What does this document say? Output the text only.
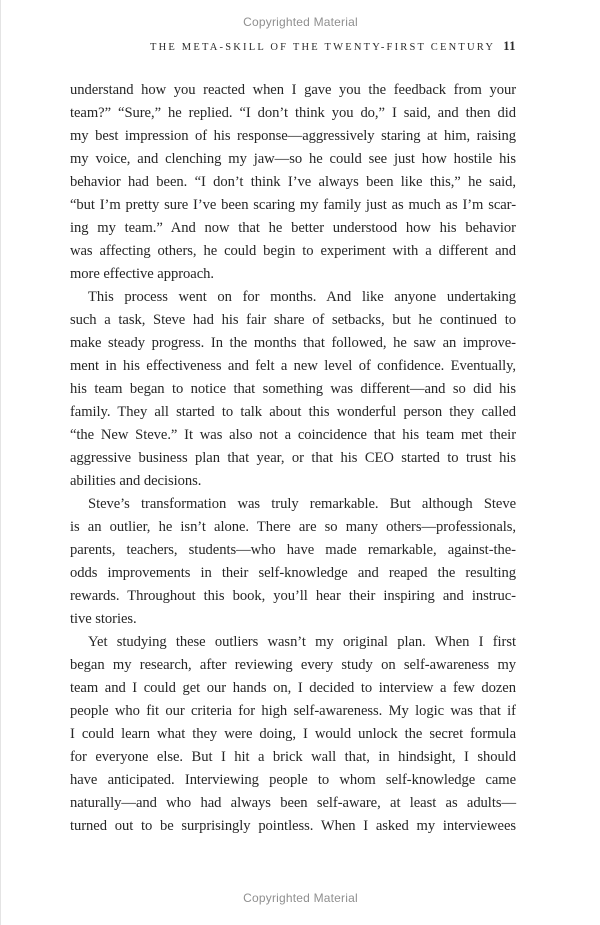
Copyrighted Material
THE META-SKILL OF THE TWENTY-FIRST CENTURY 11
understand how you reacted when I gave you the feedback from your
team?” “Sure,” he replied. “I don’t think you do,” I said, and then did
my best impression of his response—aggressively staring at him, raising
my voice, and clenching my jaw—so he could see just how hostile his
behavior had been. “I don’t think I’ve always been like this,” he said,
“but I’m pretty sure I’ve been scaring my family just as much as I’m scar-
ing my team.” And now that he better understood how his behavior
was affecting others, he could begin to experiment with a different and
more effective approach.
This process went on for months. And like anyone undertaking
such a task, Steve had his fair share of setbacks, but he continued to
make steady progress. In the months that followed, he saw an improve-
ment in his effectiveness and felt a new level of confidence. Eventually,
his team began to notice that something was different—and so did his
family. They all started to talk about this wonderful person they called
“the New Steve.” It was also not a coincidence that his team met their
aggressive business plan that year, or that his CEO started to trust his
abilities and decisions.
Steve’s transformation was truly remarkable. But although Steve
is an outlier, he isn’t alone. There are so many others—professionals,
parents, teachers, students—who have made remarkable, against-the-
odds improvements in their self-knowledge and reaped the resulting
rewards. Throughout this book, you’ll hear their inspiring and instruc-
tive stories.
Yet studying these outliers wasn’t my original plan. When I first
began my research, after reviewing every study on self-awareness my
team and I could get our hands on, I decided to interview a few dozen
people who fit our criteria for high self-awareness. My logic was that if
I could learn what they were doing, I would unlock the secret formula
for everyone else. But I hit a brick wall that, in hindsight, I should
have anticipated. Interviewing people to whom self-knowledge came
naturally—and who had always been self-aware, at least as adults—
turned out to be surprisingly pointless. When I asked my interviewees
Copyrighted Material
